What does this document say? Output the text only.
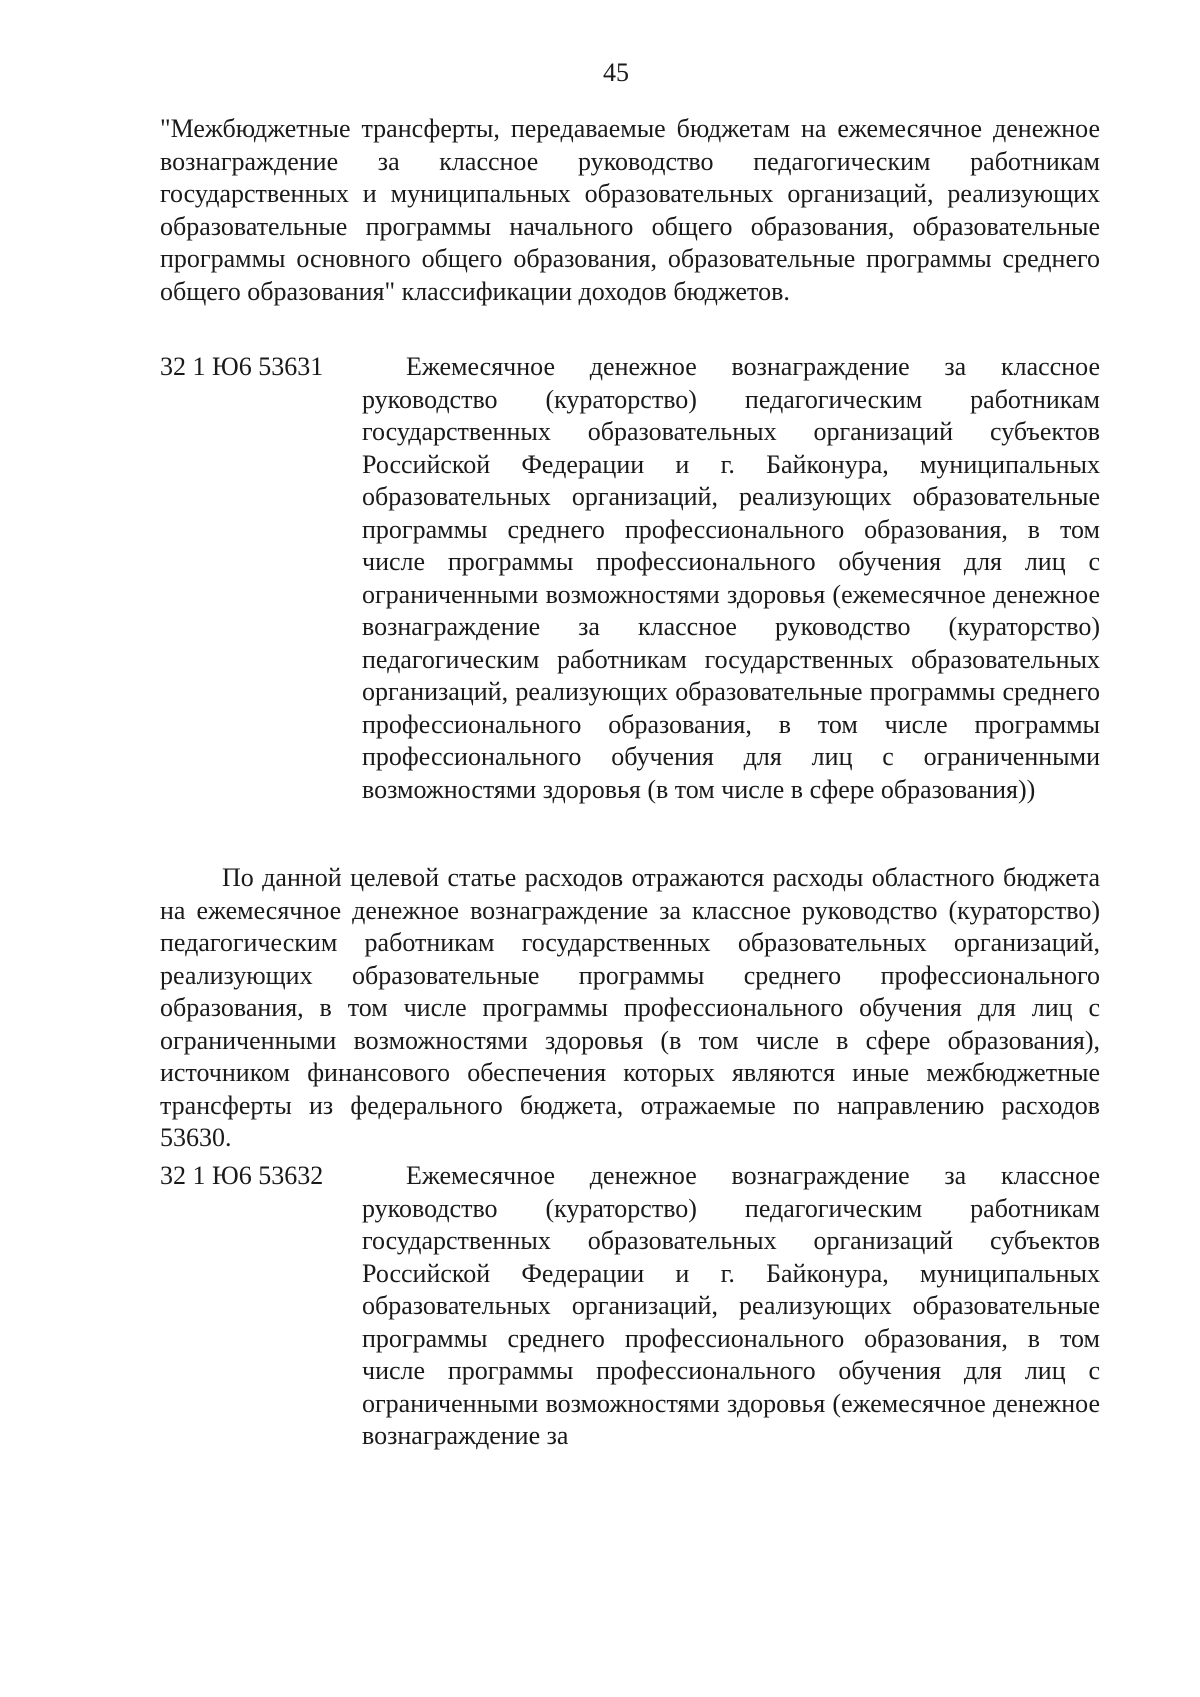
45

"Межбюджетные трансферты, передаваемые бюджетам на ежемесячное денежное вознаграждение за классное руководство педагогическим работникам государственных и муниципальных образовательных организаций, реализующих образовательные программы начального общего образования, образовательные программы основного общего образования, образовательные программы среднего общего образования" классификации доходов бюджетов.

32 1 Ю6 53631	Ежемесячное денежное вознаграждение за классное руководство (кураторство) педагогическим работникам государственных образовательных организаций субъектов Российской Федерации и г. Байконура, муниципальных образовательных организаций, реализующих образовательные программы среднего профессионального образования, в том числе программы профессионального обучения для лиц с ограниченными возможностями здоровья (ежемесячное денежное вознаграждение за классное руководство (кураторство) педагогическим работникам государственных образовательных организаций, реализующих образовательные программы среднего профессионального образования, в том числе программы профессионального обучения для лиц с ограниченными возможностями здоровья (в том числе в сфере образования))

По данной целевой статье расходов отражаются расходы областного бюджета на ежемесячное денежное вознаграждение за классное руководство (кураторство) педагогическим работникам государственных образовательных организаций, реализующих образовательные программы среднего профессионального образования, в том числе программы профессионального обучения для лиц с ограниченными возможностями здоровья (в том числе в сфере образования), источником финансового обеспечения которых являются иные межбюджетные трансферты из федерального бюджета, отражаемые по направлению расходов 53630.

32 1 Ю6 53632	Ежемесячное денежное вознаграждение за классное руководство (кураторство) педагогическим работникам государственных образовательных организаций субъектов Российской Федерации и г. Байконура, муниципальных образовательных организаций, реализующих образовательные программы среднего профессионального образования, в том числе программы профессионального обучения для лиц с ограниченными возможностями здоровья (ежемесячное денежное вознаграждение за
